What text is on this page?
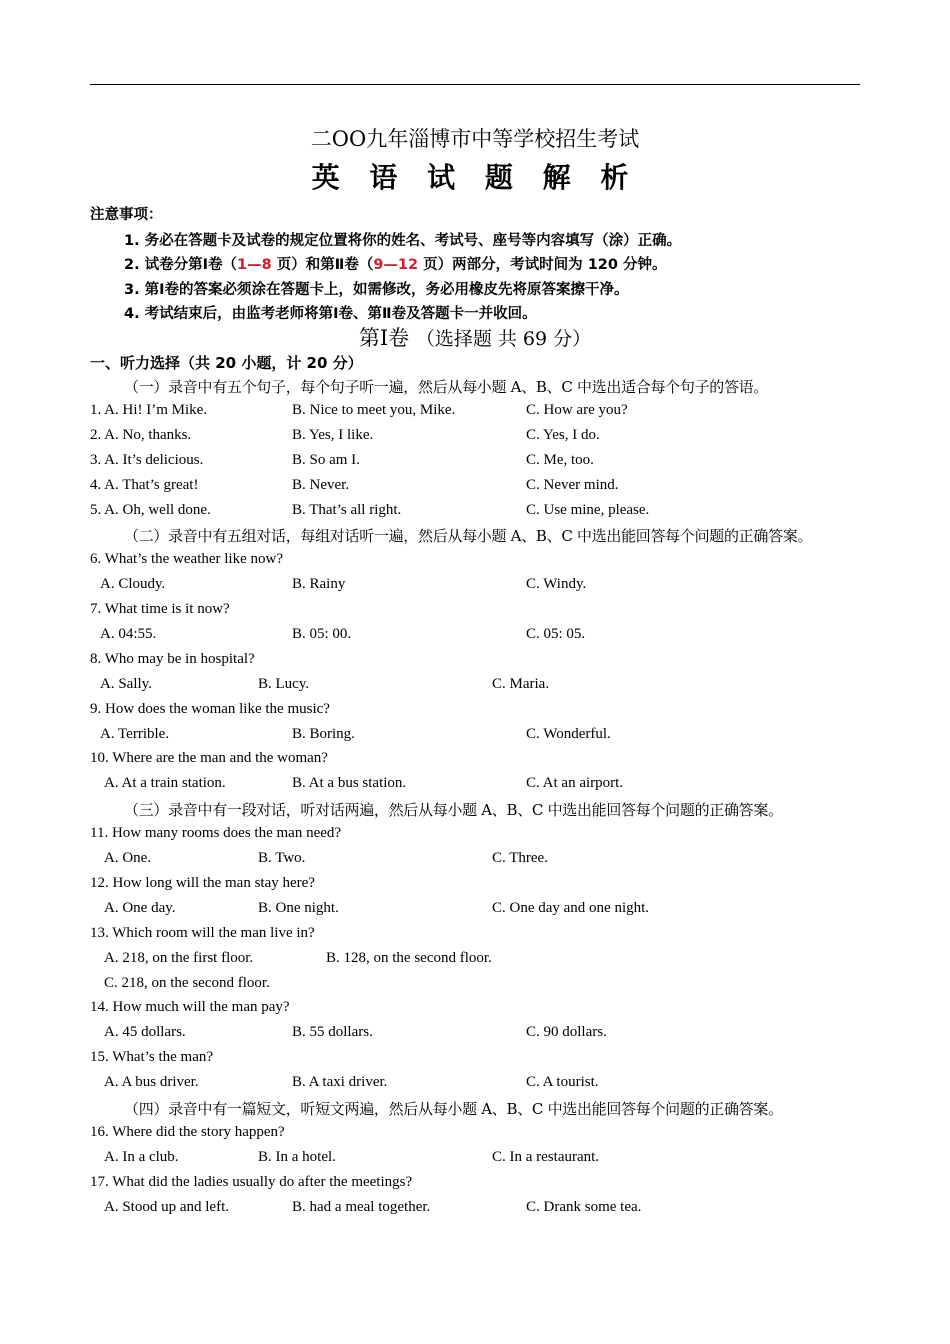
二OO九年淄博市中等学校招生考试
英 语 试 题 解 析
注意事项：
1. 务必在答题卡及试卷的规定位置将你的姓名、考试号、座号等内容填写（涂）正确。
2. 试卷分第Ⅰ卷（1—8 页）和第Ⅱ卷（9—12 页）两部分，考试时间为 120 分钟。
3. 第Ⅰ卷的答案必须涂在答题卡上，如需修改，务必用橡皮先将原答案擦干净。
4. 考试结束后，由监考老师将第Ⅰ卷、第Ⅱ卷及答题卡一并收回。
第Ⅰ卷 （选择题 共 69 分）
一、听力选择（共 20 小题，计 20 分）
（一）录音中有五个句子，每个句子听一遍，然后从每小题 A、B、C 中选出适合每个句子的答语。
1. A. Hi! I’m Mike.	B. Nice to meet you, Mike.	C. How are you?
2. A. No, thanks.	B. Yes, I like.	C. Yes, I do.
3. A. It’s delicious.	B. So am I.	C. Me, too.
4. A. That’s great!	B. Never.	C. Never mind.
5. A. Oh, well done.	B. That’s all right.	C. Use mine, please.
（二）录音中有五组对话，每组对话听一遍，然后从每小题 A、B、C 中选出能回答每个问题的正确答案。
6. What’s the weather like now?
A. Cloudy.	B. Rainy	C. Windy.
7. What time is it now?
A. 04:55.	B. 05: 00.	C. 05: 05.
8. Who may be in hospital?
A. Sally.	B. Lucy.	C. Maria.
9. How does the woman like the music?
A. Terrible.	B. Boring.	C. Wonderful.
10. Where are the man and the woman?
A. At a train station.	B. At a bus station.	C. At an airport.
（三）录音中有一段对话，听对话两遍，然后从每小题 A、B、C 中选出能回答每个问题的正确答案。
11. How many rooms does the man need?
A. One.	B. Two.	C. Three.
12. How long will the man stay here?
A. One day.	B. One night.	C. One day and one night.
13. Which room will the man live in?
A. 218, on the first floor.	B. 128, on the second floor.
C. 218, on the second floor.
14. How much will the man pay?
A. 45 dollars.	B. 55 dollars.	C. 90 dollars.
15. What’s the man?
A. A bus driver.	B. A taxi driver.	C. A tourist.
（四）录音中有一篇短文，听短文两遍，然后从每小题 A、B、C 中选出能回答每个问题的正确答案。
16. Where did the story happen?
A. In a club.	B. In a hotel.	C. In a restaurant.
17. What did the ladies usually do after the meetings?
A. Stood up and left.	B. had a meal together.	C. Drank some tea.
